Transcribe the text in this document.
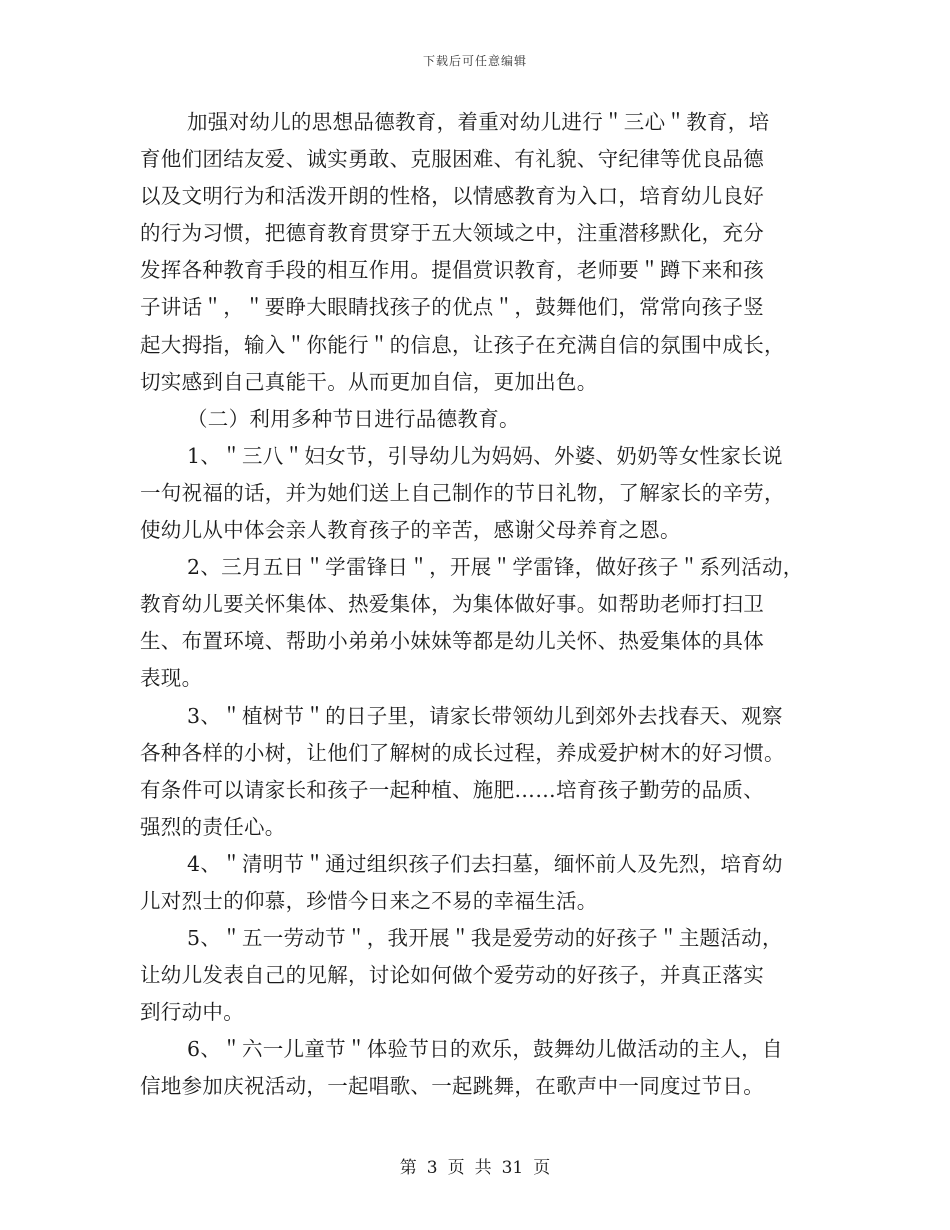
下载后可任意编辑
加强对幼儿的思想品德教育，着重对幼儿进行＂三心＂教育，培
育他们团结友爱、诚实勇敢、克服困难、有礼貌、守纪律等优良品德
以及文明行为和活泼开朗的性格，以情感教育为入口，培育幼儿良好
的行为习惯，把德育教育贯穿于五大领域之中，注重潜移默化，充分
发挥各种教育手段的相互作用。提倡赏识教育，老师要＂蹲下来和孩
子讲话＂，＂要睁大眼睛找孩子的优点＂，鼓舞他们，常常向孩子竖
起大拇指，输入＂你能行＂的信息，让孩子在充满自信的氛围中成长，
切实感到自己真能干。从而更加自信，更加出色。
（二）利用多种节日进行品德教育。
1、＂三八＂妇女节，引导幼儿为妈妈、外婆、奶奶等女性家长说
一句祝福的话，并为她们送上自己制作的节日礼物，了解家长的辛劳，
使幼儿从中体会亲人教育孩子的辛苦，感谢父母养育之恩。
2、三月五日＂学雷锋日＂，开展＂学雷锋，做好孩子＂系列活动，
教育幼儿要关怀集体、热爱集体，为集体做好事。如帮助老师打扫卫
生、布置环境、帮助小弟弟小妹妹等都是幼儿关怀、热爱集体的具体
表现。
3、＂植树节＂的日子里，请家长带领幼儿到郊外去找春天、观察
各种各样的小树，让他们了解树的成长过程，养成爱护树木的好习惯。
有条件可以请家长和孩子一起种植、施肥……培育孩子勤劳的品质、
强烈的责任心。
4、＂清明节＂通过组织孩子们去扫墓，缅怀前人及先烈，培育幼
儿对烈士的仰慕，珍惜今日来之不易的幸福生活。
5、＂五一劳动节＂，我开展＂我是爱劳动的好孩子＂主题活动，
让幼儿发表自己的见解，讨论如何做个爱劳动的好孩子，并真正落实
到行动中。
6、＂六一儿童节＂体验节日的欢乐，鼓舞幼儿做活动的主人，自
信地参加庆祝活动，一起唱歌、一起跳舞，在歌声中一同度过节日。
第 3 页 共 31 页
